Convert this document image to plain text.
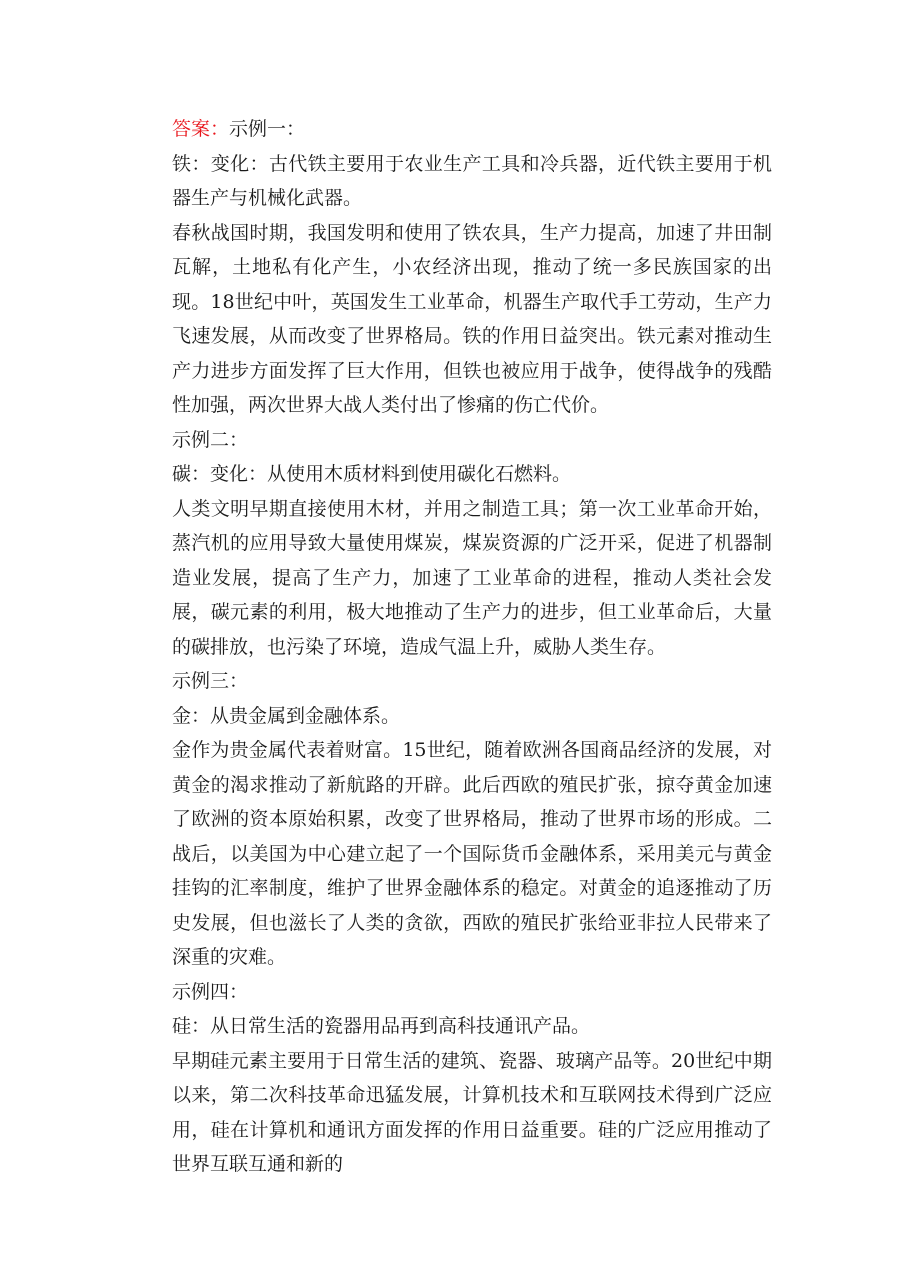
答案：示例一：

铁：变化：古代铁主要用于农业生产工具和冷兵器，近代铁主要用于机器生产与机械化武器。

春秋战国时期，我国发明和使用了铁农具，生产力提高，加速了井田制瓦解，土地私有化产生，小农经济出现，推动了统一多民族国家的出现。18世纪中叶，英国发生工业革命，机器生产取代手工劳动，生产力飞速发展，从而改变了世界格局。铁的作用日益突出。铁元素对推动生产力进步方面发挥了巨大作用，但铁也被应用于战争，使得战争的残酷性加强，两次世界大战人类付出了惨痛的伤亡代价。

示例二：

碳：变化：从使用木质材料到使用碳化石燃料。

人类文明早期直接使用木材，并用之制造工具；第一次工业革命开始，蒸汽机的应用导致大量使用煤炭，煤炭资源的广泛开采，促进了机器制造业发展，提高了生产力，加速了工业革命的进程，推动人类社会发展，碳元素的利用，极大地推动了生产力的进步，但工业革命后，大量的碳排放，也污染了环境，造成气温上升，威胁人类生存。

示例三：

金：从贵金属到金融体系。

金作为贵金属代表着财富。15世纪，随着欧洲各国商品经济的发展，对黄金的渴求推动了新航路的开辟。此后西欧的殖民扩张，掠夺黄金加速了欧洲的资本原始积累，改变了世界格局，推动了世界市场的形成。二战后，以美国为中心建立起了一个国际货币金融体系，采用美元与黄金挂钩的汇率制度，维护了世界金融体系的稳定。对黄金的追逐推动了历史发展，但也滋长了人类的贪欲，西欧的殖民扩张给亚非拉人民带来了深重的灾难。

示例四：

硅：从日常生活的瓷器用品再到高科技通讯产品。

早期硅元素主要用于日常生活的建筑、瓷器、玻璃产品等。20世纪中期以来，第二次科技革命迅猛发展，计算机技术和互联网技术得到广泛应用，硅在计算机和通讯方面发挥的作用日益重要。硅的广泛应用推动了世界互联互通和新的
